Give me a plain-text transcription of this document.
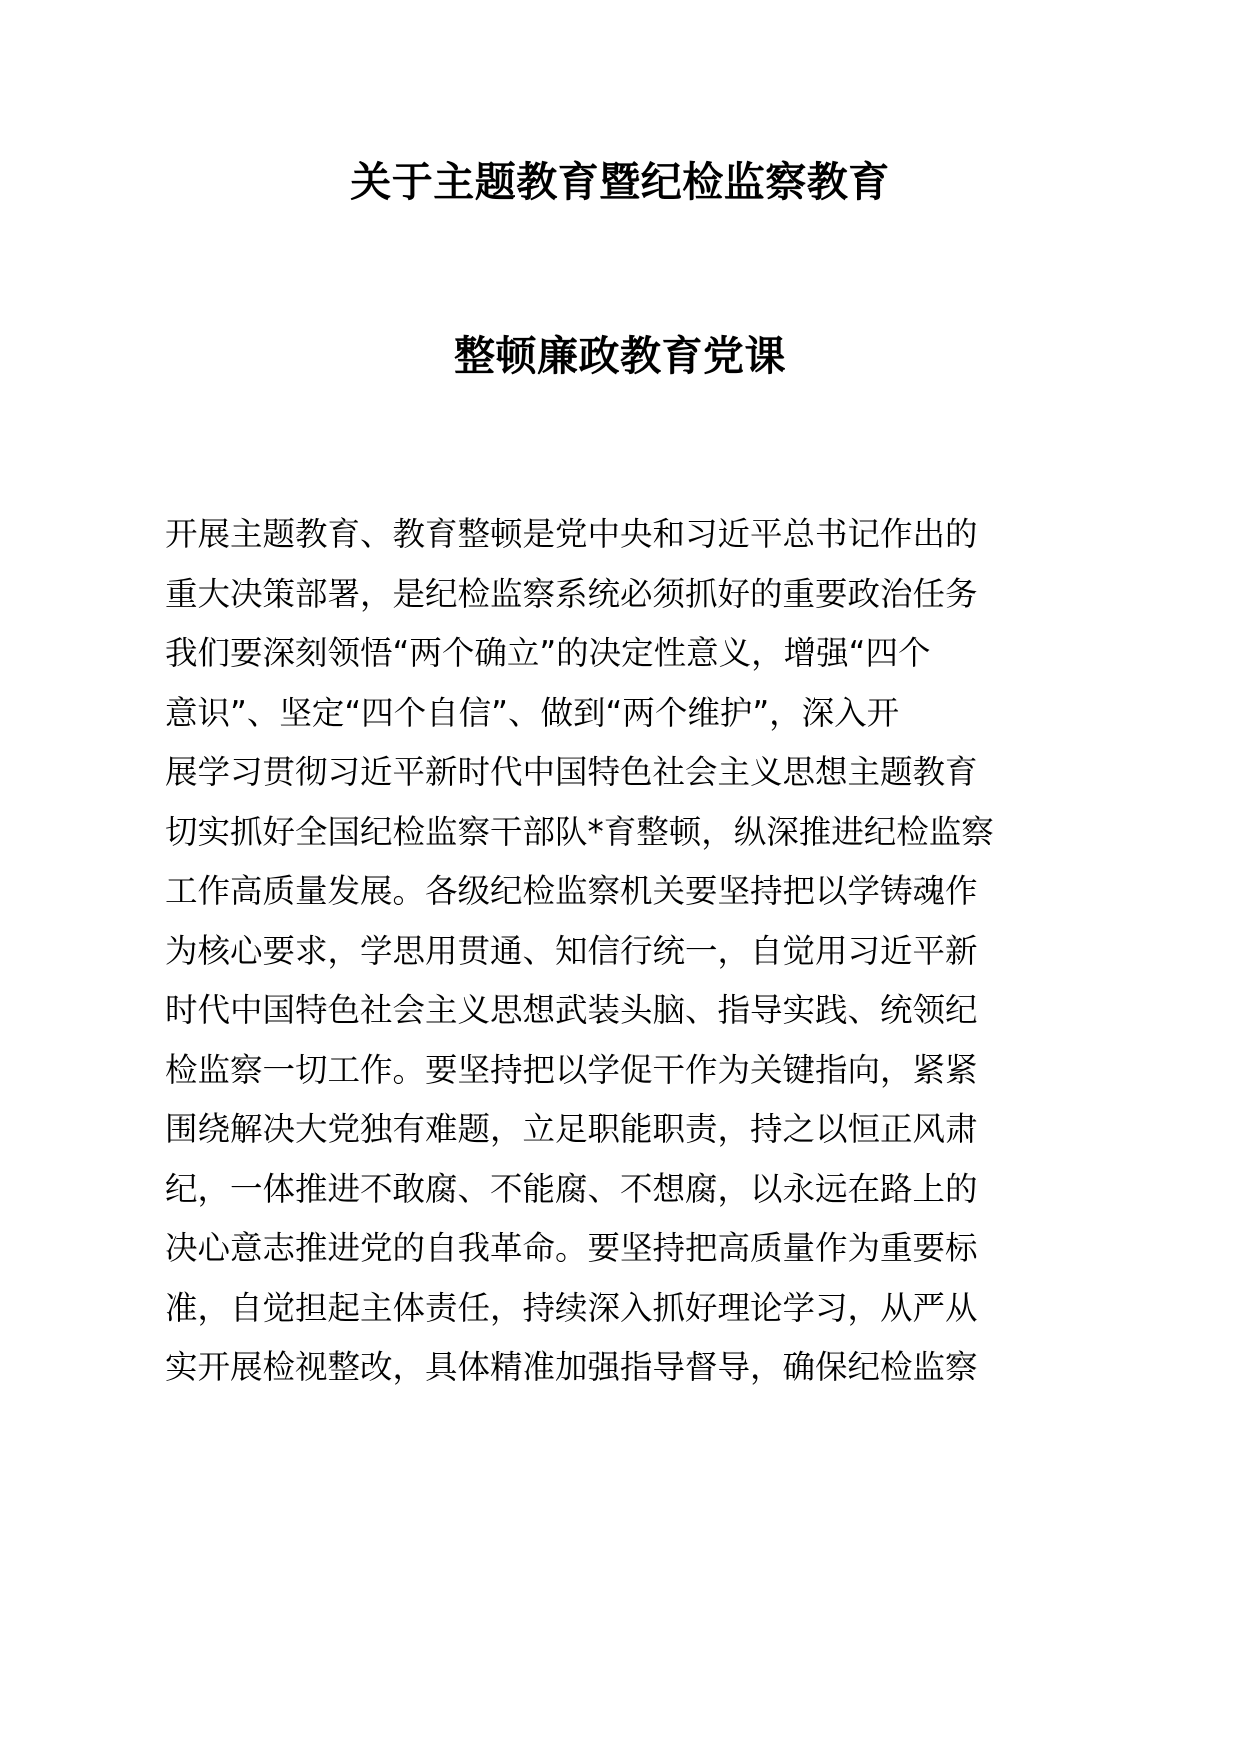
关于主题教育暨纪检监察教育
整顿廉政教育党课
开展主题教育、教育整顿是党中央和习近平总书记作出的
重大决策部署，是纪检监察系统必须抓好的重要政治任务
我们要深刻领悟“两个确立”的决定性意义，增强“四个
意识”、坚定“四个自信”、做到“两个维护”，深入开
展学习贯彻习近平新时代中国特色社会主义思想主题教育
切实抓好全国纪检监察干部队*育整顿，纵深推进纪检监察
工作高质量发展。各级纪检监察机关要坚持把以学铸魂作
为核心要求，学思用贯通、知信行统一，自觉用习近平新
时代中国特色社会主义思想武装头脑、指导实践、统领纪
检监察一切工作。要坚持把以学促干作为关键指向，紧紧
围绕解决大党独有难题，立足职能职责，持之以恒正风肃
纪，一体推进不敢腐、不能腐、不想腐，以永远在路上的
决心意志推进党的自我革命。要坚持把高质量作为重要标
准，自觉担起主体责任，持续深入抓好理论学习，从严从
实开展检视整改，具体精准加强指导督导，确保纪检监察
